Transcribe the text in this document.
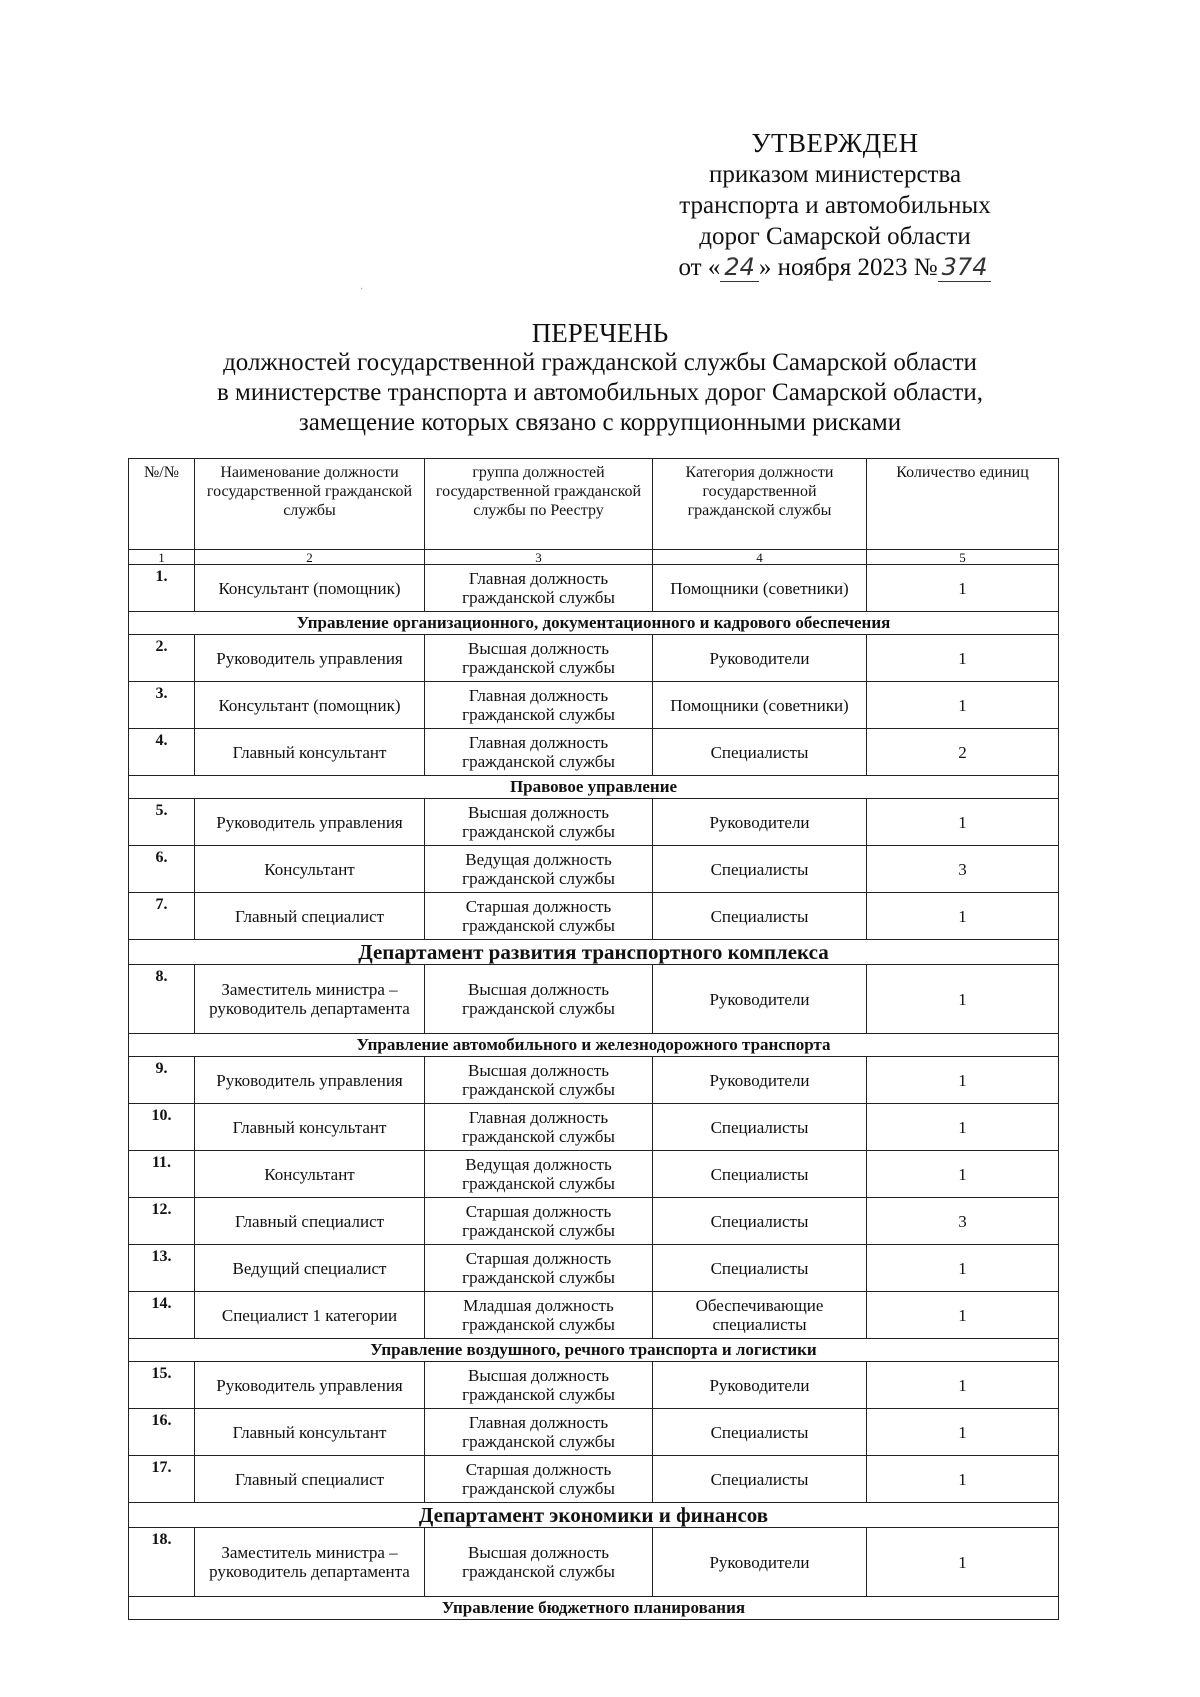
УТВЕРЖДЕН
приказом министерства
транспорта и автомобильных
дорог Самарской области
от « 24 » ноября 2023 № 374
·
ПЕРЕЧЕНЬ
должностей государственной гражданской службы Самарской области
в министерстве транспорта и автомобильных дорог Самарской области,
замещение которых связано с коррупционными рисками
№/№	Наименование должности государственной гражданской службы	группа должностей государственной гражданской службы по Реестру	Категория должности государственной гражданской службы	Количество единиц
1	2	3	4	5
1.	Консультант (помощник)	Главная должность гражданской службы	Помощники (советники)	1
Управление организационного, документационного и кадрового обеспечения				
2.	Руководитель управления	Высшая должность гражданской службы	Руководители	1
3.	Консультант (помощник)	Главная должность гражданской службы	Помощники (советники)	1
4.	Главный консультант	Главная должность гражданской службы	Специалисты	2
Правовое управление				
5.	Руководитель управления	Высшая должность гражданской службы	Руководители	1
6.	Консультант	Ведущая должность гражданской службы	Специалисты	3
7.	Главный специалист	Старшая должность гражданской службы	Специалисты	1
Департамент развития транспортного комплекса				
8.	Заместитель министра – руководитель департамента	Высшая должность гражданской службы	Руководители	1
Управление автомобильного и железнодорожного транспорта				
9.	Руководитель управления	Высшая должность гражданской службы	Руководители	1
10.	Главный консультант	Главная должность гражданской службы	Специалисты	1
11.	Консультант	Ведущая должность гражданской службы	Специалисты	1
12.	Главный специалист	Старшая должность гражданской службы	Специалисты	3
13.	Ведущий специалист	Старшая должность гражданской службы	Специалисты	1
14.	Специалист 1 категории	Младшая должность гражданской службы	Обеспечивающие специалисты	1
Управление воздушного, речного транспорта и логистики				
15.	Руководитель управления	Высшая должность гражданской службы	Руководители	1
16.	Главный консультант	Главная должность гражданской службы	Специалисты	1
17.	Главный специалист	Старшая должность гражданской службы	Специалисты	1
Департамент экономики и финансов				
18.	Заместитель министра – руководитель департамента	Высшая должность гражданской службы	Руководители	1
Управление бюджетного планирования				
